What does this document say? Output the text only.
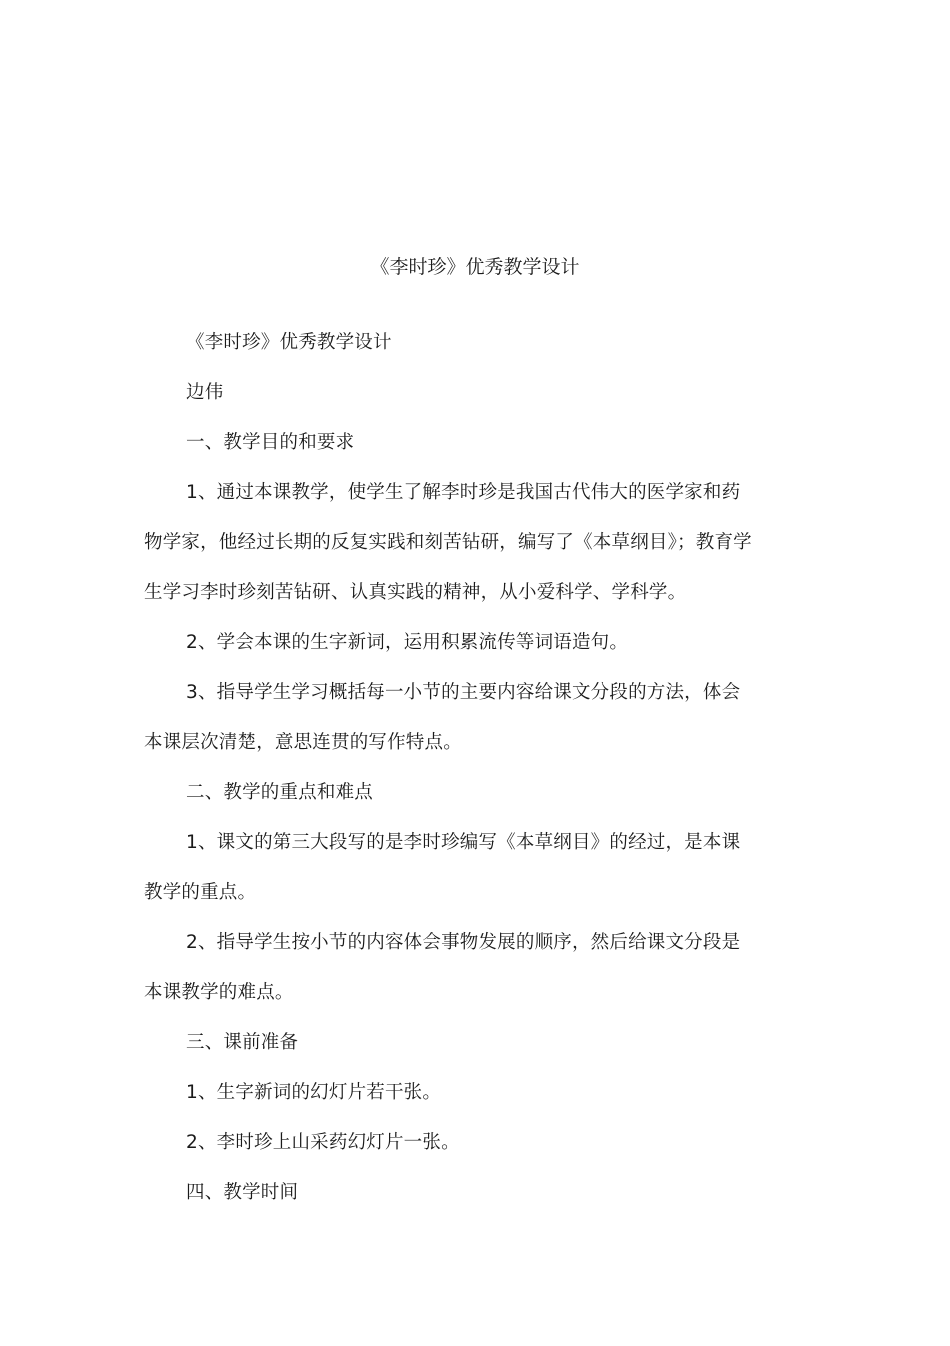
《李时珍》优秀教学设计

《李时珍》优秀教学设计

边伟

一、教学目的和要求

1、通过本课教学，使学生了解李时珍是我国古代伟大的医学家和药物学家，他经过长期的反复实践和刻苦钻研，编写了《本草纲目》；教育学生学习李时珍刻苦钻研、认真实践的精神，从小爱科学、学科学。

2、学会本课的生字新词，运用积累流传等词语造句。

3、指导学生学习概括每一小节的主要内容给课文分段的方法，体会本课层次清楚，意思连贯的写作特点。

二、教学的重点和难点

1、课文的第三大段写的是李时珍编写《本草纲目》的经过，是本课教学的重点。

2、指导学生按小节的内容体会事物发展的顺序，然后给课文分段是本课教学的难点。

三、课前准备

1、生字新词的幻灯片若干张。

2、李时珍上山采药幻灯片一张。

四、教学时间
